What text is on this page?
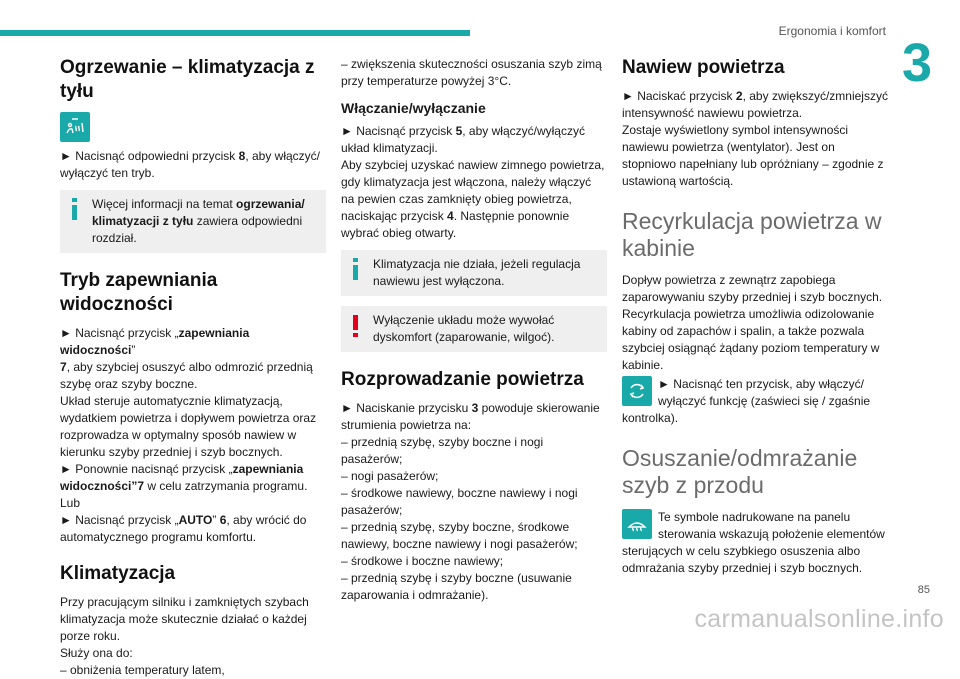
Ergonomia i komfort
3
Ogrzewanie – klimatyzacja z tyłu

► Nacisnąć odpowiedni przycisk 8, aby włączyć/ wyłączyć ten tryb.

Więcej informacji na temat ogrzewania/ klimatyzacji z tyłu zawiera odpowiedni rozdział.
Tryb zapewniania widoczności

► Nacisnąć przycisk „zapewniania widoczności”
7, aby szybciej osuszyć albo odmrozić przednią szybę oraz szyby boczne.

Układ steruje automatycznie klimatyzacją, wydatkiem powietrza i dopływem powietrza oraz rozprowadza w optymalny sposób nawiew w kierunku szyby przedniej i szyb bocznych.

► Ponownie nacisnąć przycisk „zapewniania widoczności”7 w celu zatrzymania programu.

Lub

► Nacisnąć przycisk „AUTO” 6, aby wrócić do automatycznego programu komfortu.

Klimatyzacja

Przy pracującym silniku i zamkniętych szybach klimatyzacja może skutecznie działać o każdej porze roku.

Służy ona do:

– obniżenia temperatury latem,

– zwiększenia skuteczności osuszania szyb zimą przy temperaturze powyżej 3°C.

Włączanie/wyłączanie

► Nacisnąć przycisk 5, aby włączyć/wyłączyć układ klimatyzacji.

Aby szybciej uzyskać nawiew zimnego powietrza, gdy klimatyzacja jest włączona, należy włączyć na pewien czas zamknięty obieg powietrza, naciskając przycisk 4. Następnie ponownie wybrać obieg otwarty.

Klimatyzacja nie działa, jeżeli regulacja nawiewu jest wyłączona.
Wyłączenie układu może wywołać dyskomfort (zaparowanie, wilgoć).
Rozprowadzanie powietrza

► Naciskanie przycisku 3 powoduje skierowanie strumienia powietrza na:

– przednią szybę, szyby boczne i nogi pasażerów;

– nogi pasażerów;

– środkowe nawiewy, boczne nawiewy i nogi pasażerów;

– przednią szybę, szyby boczne, środkowe nawiewy, boczne nawiewy i nogi pasażerów;

– środkowe i boczne nawiewy;

– przednią szybę i szyby boczne (usuwanie zaparowania i odmrażanie).

Nawiew powietrza

► Naciskać przycisk 2, aby zwiększyć/zmniejszyć intensywność nawiewu powietrza.

Zostaje wyświetlony symbol intensywności nawiewu powietrza (wentylator). Jest on stopniowo napełniany lub opróżniany – zgodnie z ustawioną wartością.

Recyrkulacja powietrza w kabinie

Dopływ powietrza z zewnątrz zapobiega zaparowywaniu szyby przedniej i szyb bocznych.

Recyrkulacja powietrza umożliwia odizolowanie kabiny od zapachów i spalin, a także pozwala szybciej osiągnąć żądany poziom temperatury w kabinie.

► Nacisnąć ten przycisk, aby włączyć/ wyłączyć funkcję (zaświeci się / zgaśnie kontrolka).

Osuszanie/odmrażanie szyb z przodu

Te symbole nadrukowane na panelu sterowania wskazują położenie elementów sterujących w celu szybkiego osuszenia albo odmrażania szyby przedniej i szyb bocznych.

85
carmanualsonline.info
